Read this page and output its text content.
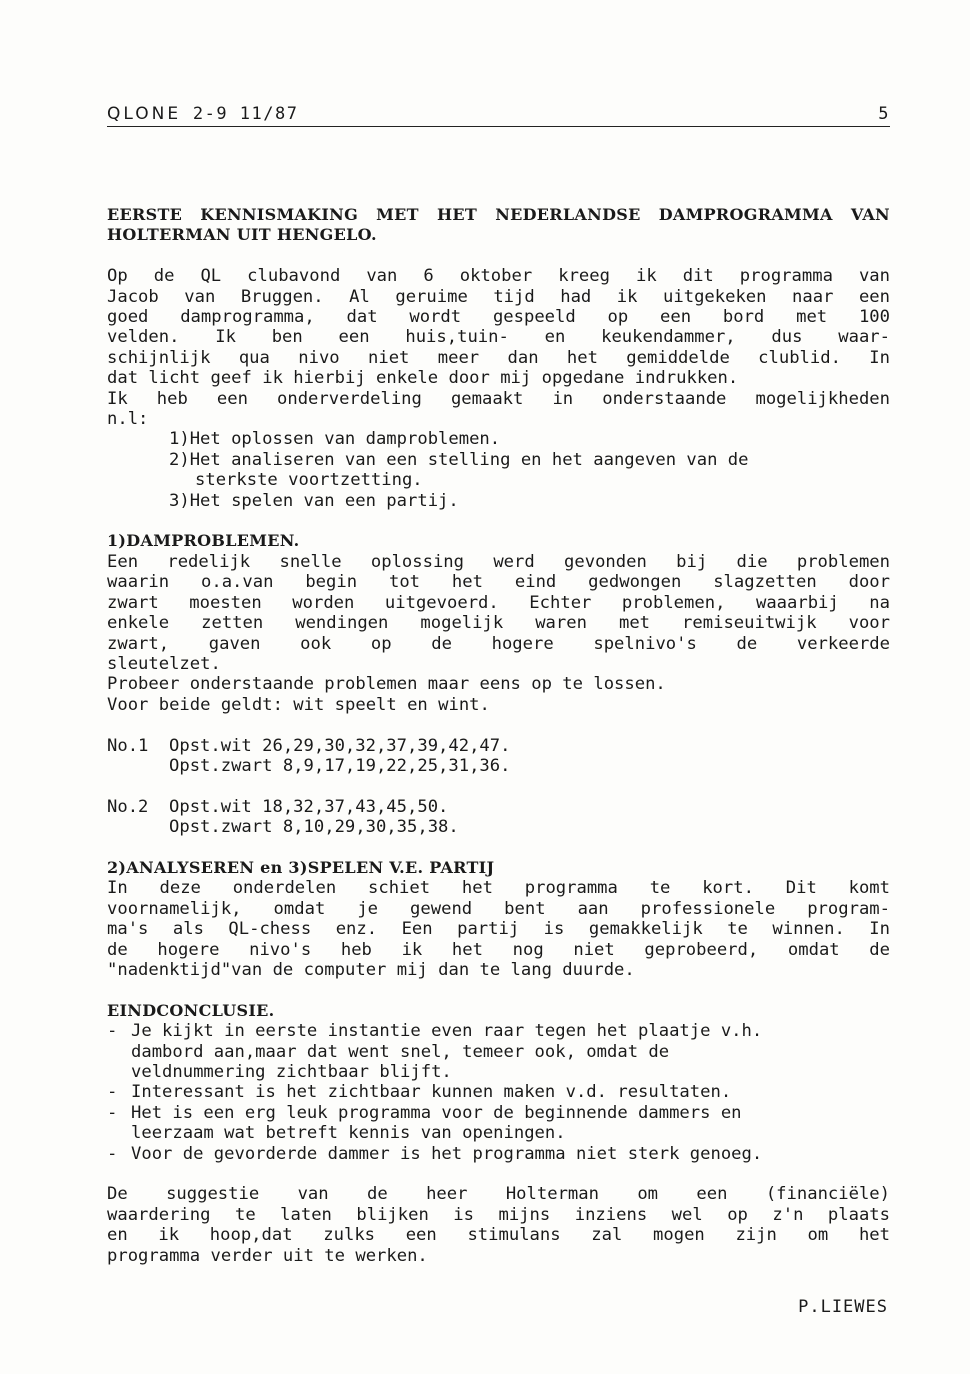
QLONE 2-9 11/87	5
EERSTE KENNISMAKING MET HET NEDERLANDSE DAMPROGRAMMA VAN
HOLTERMAN UIT HENGELO.
Op de QL clubavond van 6 oktober kreeg ik dit programma van
Jacob van Bruggen. Al geruime tijd had ik uitgekeken naar een
goed damprogramma, dat wordt gespeeld op een bord met 100
velden. Ik ben een huis,tuin- en keukendammer, dus waar-
schijnlijk qua nivo niet meer dan het gemiddelde clublid. In
dat licht geef ik hierbij enkele door mij opgedane indrukken.
Ik heb een onderverdeling gemaakt in onderstaande mogelijkheden
n.l:
1)Het oplossen van damproblemen.
2)Het analiseren van een stelling en het aangeven van de
sterkste voortzetting.
3)Het spelen van een partij.
1)DAMPROBLEMEN.
Een redelijk snelle oplossing werd gevonden bij die problemen
waarin o.a.van begin tot het eind gedwongen slagzetten door
zwart moesten worden uitgevoerd. Echter problemen, waaarbij na
enkele zetten wendingen mogelijk waren met remiseuitwijk voor
zwart, gaven ook op de hogere spelnivo's de verkeerde
sleutelzet.
Probeer onderstaande problemen maar eens op te lossen.
Voor beide geldt: wit speelt en wint.
No.1	Opst.wit 26,29,30,32,37,39,42,47.
Opst.zwart 8,9,17,19,22,25,31,36.
No.2	Opst.wit 18,32,37,43,45,50.
Opst.zwart 8,10,29,30,35,38.
2)ANALYSEREN en 3)SPELEN V.E. PARTIJ
In deze onderdelen schiet het programma te kort. Dit komt
voornamelijk, omdat je gewend bent aan professionele program-
ma's als QL-chess enz. Een partij is gemakkelijk te winnen. In
de hogere nivo's heb ik het nog niet geprobeerd, omdat de
"nadenktijd"van de computer mij dan te lang duurde.
EINDCONCLUSIE.
- Je kijkt in eerste instantie even raar tegen het plaatje v.h.
dambord aan,maar dat went snel, temeer ook, omdat de
veldnummering zichtbaar blijft.
- Interessant is het zichtbaar kunnen maken v.d. resultaten.
- Het is een erg leuk programma voor de beginnende dammers en
leerzaam wat betreft kennis van openingen.
- Voor de gevorderde dammer is het programma niet sterk genoeg.
De suggestie van de heer Holterman om een (financiële)
waardering te laten blijken is mijns inziens wel op z'n plaats
en ik hoop,dat zulks een stimulans zal mogen zijn om het
programma verder uit te werken.
P.LIEWES
